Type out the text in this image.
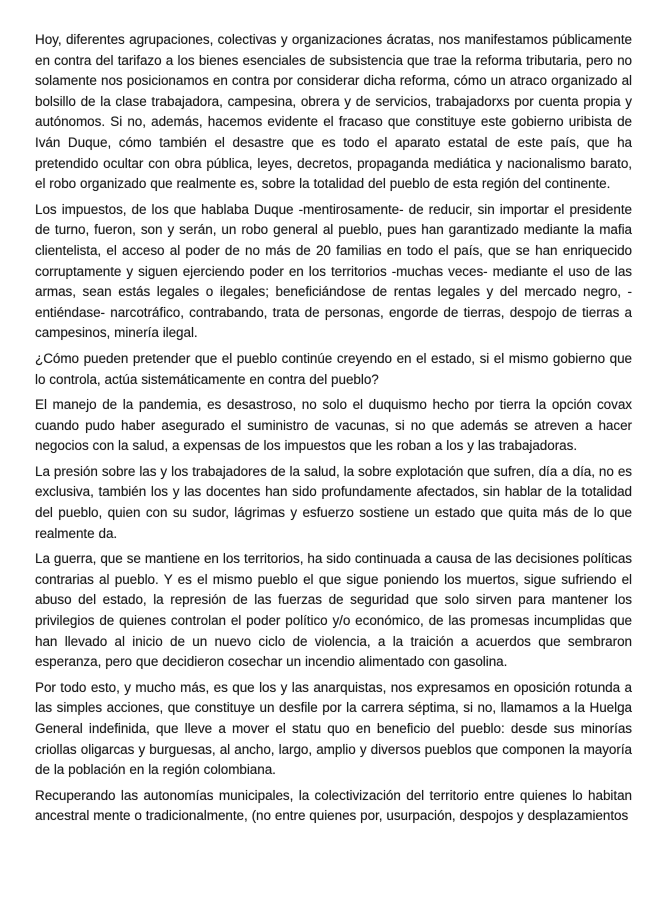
Hoy, diferentes agrupaciones, colectivas y organizaciones ácratas, nos manifestamos públicamente en contra del tarifazo a los bienes esenciales de subsistencia que trae la reforma tributaria, pero no solamente nos posicionamos en contra por considerar dicha reforma, cómo un atraco organizado al bolsillo de la clase trabajadora, campesina, obrera y de servicios, trabajadorxs por cuenta propia y autónomos. Si no, además, hacemos evidente el fracaso que constituye este gobierno uribista de Iván Duque, cómo también el desastre que es todo el aparato estatal de este país, que ha pretendido ocultar con obra pública, leyes, decretos, propaganda mediática y nacionalismo barato, el robo organizado que realmente es, sobre la totalidad del pueblo de esta región del continente.

Los impuestos, de los que hablaba Duque -mentirosamente- de reducir, sin importar el presidente de turno, fueron, son y serán, un robo general al pueblo, pues han garantizado mediante la mafia clientelista, el acceso al poder de no más de 20 familias en todo el país, que se han enriquecido corruptamente y siguen ejerciendo poder en los territorios -muchas veces- mediante el uso de las armas, sean estás legales o ilegales; beneficiándose de rentas legales y del mercado negro, - entiéndase- narcotráfico, contrabando, trata de personas, engorde de tierras, despojo de tierras a campesinos, minería ilegal.

¿Cómo pueden pretender que el pueblo continúe creyendo en el estado, si el mismo gobierno que lo controla, actúa sistemáticamente en contra del pueblo?

El manejo de la pandemia, es desastroso, no solo el duquismo hecho por tierra la opción covax cuando pudo haber asegurado el suministro de vacunas, si no que además se atreven a hacer negocios con la salud, a expensas de los impuestos que les roban a los y las trabajadoras.

La presión sobre las y los trabajadores de la salud, la sobre explotación que sufren, día a día, no es exclusiva, también los y las docentes han sido profundamente afectados, sin hablar de la totalidad del pueblo, quien con su sudor, lágrimas y esfuerzo sostiene un estado que quita más de lo que realmente da.

La guerra, que se mantiene en los territorios, ha sido continuada a causa de las decisiones políticas contrarias al pueblo. Y es el mismo pueblo el que sigue poniendo los muertos, sigue sufriendo el abuso del estado, la represión de las fuerzas de seguridad que solo sirven para mantener los privilegios de quienes controlan el poder político y/o económico, de las promesas incumplidas que han llevado al inicio de un nuevo ciclo de violencia, a la traición a acuerdos que sembraron esperanza, pero que decidieron cosechar un incendio alimentado con gasolina.

Por todo esto, y mucho más, es que los y las anarquistas, nos expresamos en oposición rotunda a las simples acciones, que constituye un desfile por la carrera séptima, si no, llamamos a la Huelga General indefinida, que lleve a mover el statu quo en beneficio del pueblo: desde sus minorías criollas oligarcas y burguesas, al ancho, largo, amplio y diversos pueblos que componen la mayoría de la población en la región colombiana.

Recuperando las autonomías municipales, la colectivización del territorio entre quienes lo habitan ancestral mente o tradicionalmente, (no entre quienes por, usurpación, despojos y desplazamientos
